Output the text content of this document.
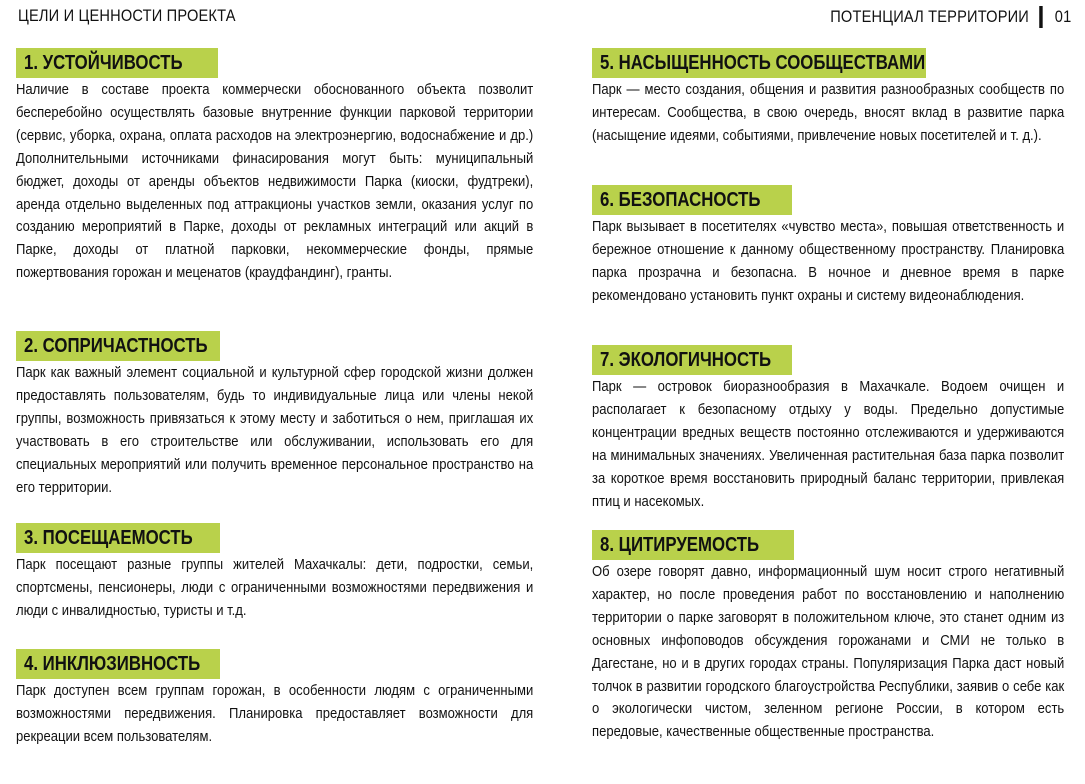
ЦЕЛИ И ЦЕННОСТИ ПРОЕКТА	ПОТЕНЦИАЛ ТЕРРИТОРИИ 01
1. УСТОЙЧИВОСТЬ
Наличие в составе проекта коммерчески обоснованного объекта позволит бесперебойно осуществлять базовые внутренние функции парковой территории (сервис, уборка, охрана, оплата расходов на электроэнергию, водоснабжение и др.) Дополнительными источниками финасирования могут быть: муниципальный бюджет, доходы от аренды объектов недвижимости Парка (киоски, фудтреки), аренда отдельно выделенных под аттракционы участков земли, оказания услуг по созданию мероприятий в Парке, доходы от рекламных интеграций или акций в Парке, доходы от платной парковки, некоммерческие фонды, прямые пожертвования горожан и меценатов (краудфандинг), гранты.
2. СОПРИЧАСТНОСТЬ
Парк как важный элемент социальной и культурной сфер городской жизни должен предоставлять пользователям, будь то индивидуальные лица или члены некой группы, возможность привязаться к этому месту и заботиться о нем, приглашая их участвовать в его строительстве или обслуживании, использовать его для специальных мероприятий или получить временное персональное пространство на его территории.
3. ПОСЕЩАЕМОСТЬ
Парк посещают разные группы жителей Махачкалы: дети, подростки, семьи, спортсмены, пенсионеры, люди с ограниченными возможностями передвижения и люди с инвалидностью, туристы и т.д.
4. ИНКЛЮЗИВНОСТЬ
Парк доступен всем группам горожан, в особенности людям с ограниченными возможностями передвижения. Планировка предоставляет возможности для рекреации всем пользователям.
5. НАСЫЩЕННОСТЬ СООБЩЕСТВАМИ
Парк — место создания, общения и развития разнообразных сообществ по интересам. Сообщества, в свою очередь, вносят вклад в развитие парка (насыщение идеями, событиями, привлечение новых посетителей и т. д.).
6. БЕЗОПАСНОСТЬ
Парк вызывает в посетителях «чувство места», повышая ответственность и бережное отношение к данному общественному пространству. Планировка парка прозрачна и безопасна. В ночное и дневное время в парке рекомендовано установить пункт охраны и систему видеонаблюдения.
7. ЭКОЛОГИЧНОСТЬ
Парк — островок биоразнообразия в Махачкале. Водоем очищен и располагает к безопасному отдыху у воды. Предельно допустимые концентрации вредных веществ постоянно отслеживаются и удерживаются на минимальных значениях. Увеличенная растительная база парка позволит за короткое время восстановить природный баланс территории, привлекая птиц и насекомых.
8. ЦИТИРУЕМОСТЬ
Об озере говорят давно, информационный шум носит строго негативный характер, но после проведения работ по восстановлению и наполнению территории о парке заговорят в положительном ключе, это станет одним из основных инфоповодов обсуждения горожанами и СМИ не только в Дагестане, но и в других городах страны. Популяризация Парка даст новый толчок в развитии городского благоустройства Республики, заявив о себе как о экологически чистом, зеленном регионе России, в котором есть передовые, качественные общественные пространства.
